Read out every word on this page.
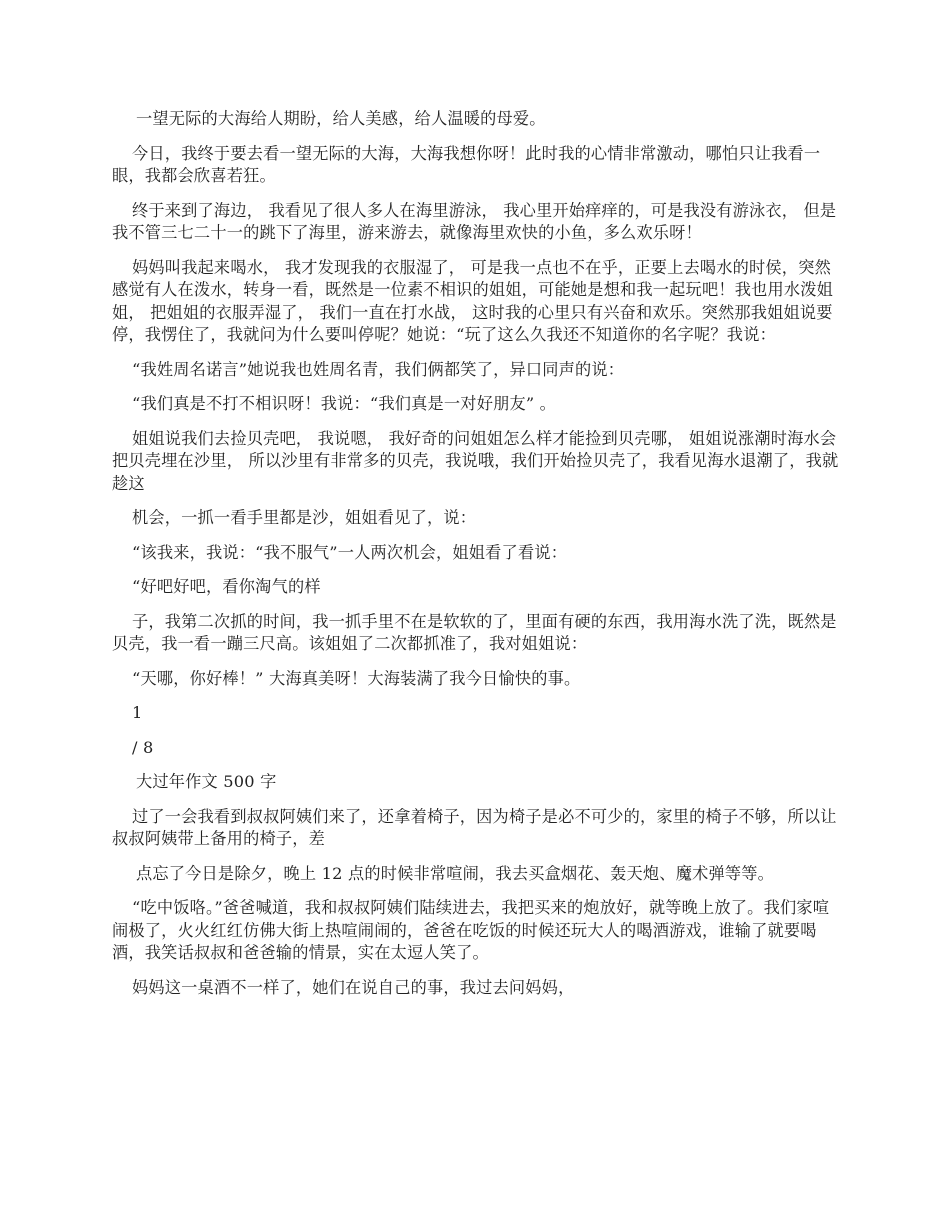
一望无际的大海给人期盼，给人美感，给人温暖的母爱。

今日，我终于要去看一望无际的大海，大海我想你呀！此时我的心情非常激动，哪怕只让我看一眼，我都会欣喜若狂。

终于来到了海边， 我看见了很人多人在海里游泳， 我心里开始痒痒的，可是我没有游泳衣， 但是我不管三七二十一的跳下了海里，游来游去，就像海里欢快的小鱼，多么欢乐呀！

妈妈叫我起来喝水， 我才发现我的衣服湿了， 可是我一点也不在乎，正要上去喝水的时侯，突然感觉有人在泼水，转身一看，既然是一位素不相识的姐姐，可能她是想和我一起玩吧！我也用水泼姐姐， 把姐姐的衣服弄湿了， 我们一直在打水战， 这时我的心里只有兴奋和欢乐。突然那我姐姐说要停，我愣住了，我就问为什么要叫停呢？她说：“玩了这么久我还不知道你的名字呢？我说：

“我姓周名诺言”她说我也姓周名青，我们俩都笑了，异口同声的说：

“我们真是不打不相识呀！我说：“我们真是一对好朋友” 。

姐姐说我们去捡贝壳吧， 我说嗯， 我好奇的问姐姐怎么样才能捡到贝壳哪， 姐姐说涨潮时海水会把贝壳埋在沙里， 所以沙里有非常多的贝壳，我说哦，我们开始捡贝壳了，我看见海水退潮了，我就趁这

机会，一抓一看手里都是沙，姐姐看见了，说：

“该我来，我说：“我不服气”一人两次机会，姐姐看了看说：

“好吧好吧，看你淘气的样

子，我第二次抓的时间，我一抓手里不在是软软的了，里面有硬的东西，我用海水洗了洗，既然是贝壳，我一看一蹦三尺高。该姐姐了二次都抓准了，我对姐姐说：

“天哪，你好棒！” 大海真美呀！大海装满了我今日愉快的事。

1

/ 8

大过年作文 500 字

过了一会我看到叔叔阿姨们来了，还拿着椅子，因为椅子是必不可少的，家里的椅子不够，所以让叔叔阿姨带上备用的椅子，差

点忘了今日是除夕，晚上 12 点的时候非常喧闹，我去买盒烟花、轰天炮、魔术弹等等。

“吃中饭咯。”爸爸喊道，我和叔叔阿姨们陆续进去，我把买来的炮放好，就等晚上放了。我们家喧闹极了，火火红红仿佛大街上热喧闹闹的，爸爸在吃饭的时候还玩大人的喝酒游戏，谁输了就要喝酒，我笑话叔叔和爸爸输的情景，实在太逗人笑了。

妈妈这一桌酒不一样了，她们在说自己的事，我过去问妈妈，
